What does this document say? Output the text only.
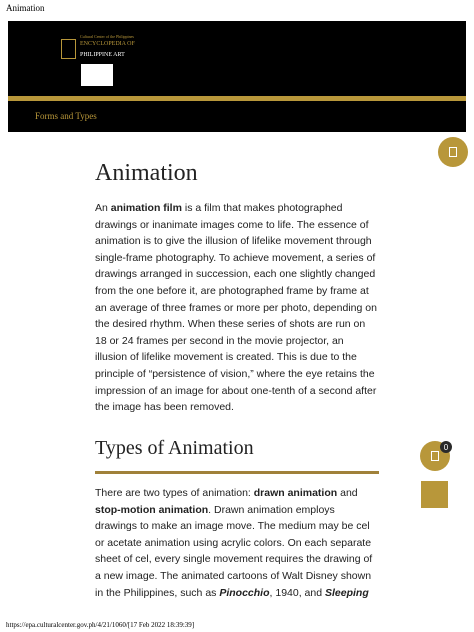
Animation
Cultural Center of the Philippines
ENCYCLOPEDIA OF
PHILIPPINE ART
Forms and Types
Animation

An animation film is a film that makes photographed
drawings or inanimate images come to life. The essence of
animation is to give the illusion of lifelike movement through
single-frame photography. To achieve movement, a series of
drawings arranged in succession, each one slightly changed
from the one before it, are photographed frame by frame at
an average of three frames or more per photo, depending on
the desired rhythm. When these series of shots are run on
18 or 24 frames per second in the movie projector, an
illusion of lifelike movement is created. This is due to the
principle of “persistence of vision,” where the eye retains the
impression of an image for about one-tenth of a second after
the image has been removed.

Types of Animation	0

There are two types of animation: drawn animation and
stop-motion animation. Drawn animation employs
drawings to make an image move. The medium may be cel
or acetate animation using acrylic colors. On each separate
sheet of cel, every single movement requires the drawing of
a new image. The animated cartoons of Walt Disney shown
in the Philippines, such as Pinocchio, 1940, and Sleeping

https://epa.culturalcenter.gov.ph/4/21/1060/[17 Feb 2022 18:39:39]
